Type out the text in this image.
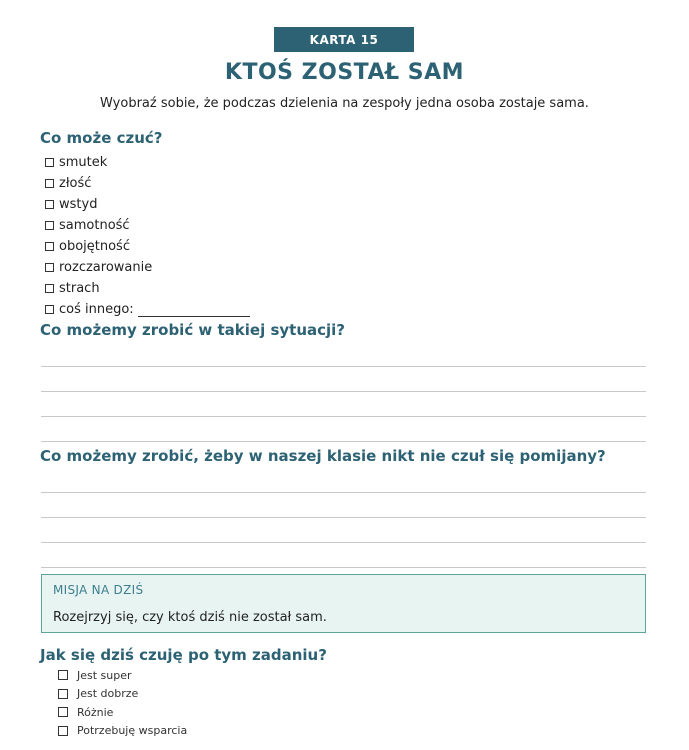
KARTA 15
KTOŚ ZOSTAŁ SAM
Wyobraź sobie, że podczas dzielenia na zespoły jedna osoba zostaje sama.
Co może czuć?
smutek
złość
wstyd
samotność
obojętność
rozczarowanie
strach
coś innego:
Co możemy zrobić w takiej sytuacji?
Co możemy zrobić, żeby w naszej klasie nikt nie czuł się pomijany?
MISJA NA DZIŚ
Rozejrzyj się, czy ktoś dziś nie został sam.
Jak się dziś czuję po tym zadaniu?
Jest super
Jest dobrze
Różnie
Potrzebuję wsparcia
